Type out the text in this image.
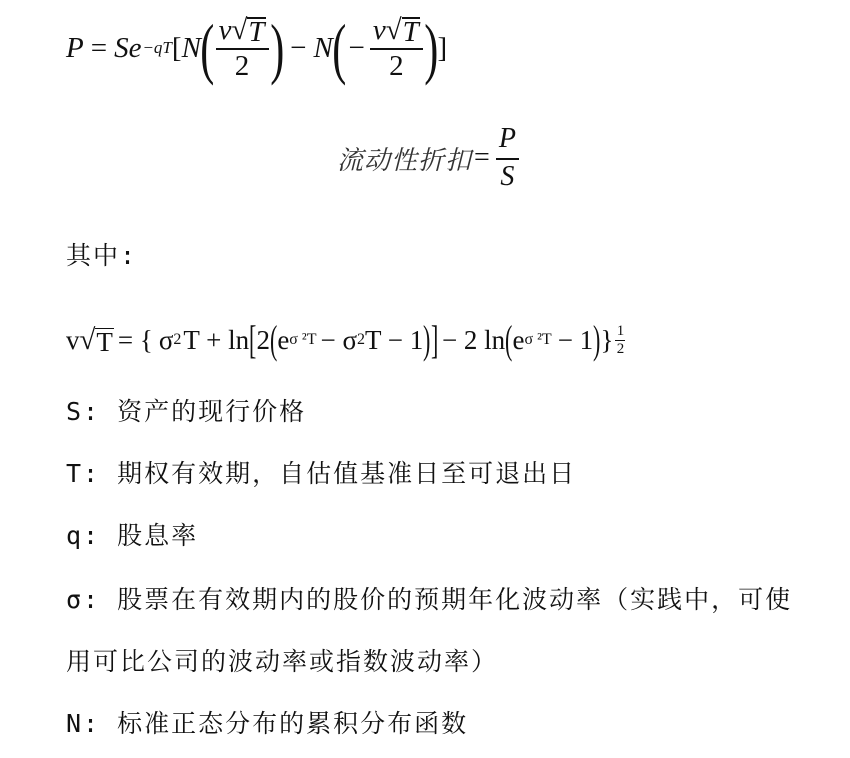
P = S e −qT [ N ( $\frac{v √ T}{2}$ ) − N ( − $\frac{v √ T}{2}$ ) ]
流动性折扣 = $\frac{P}{S}$
其中:
v √ T = { σ 2 T + ln [ 2 ( e σ ²T − σ 2 T − 1 ) ] − 2 ln ( e σ ²T − 1 ) } 1
2
S: 资产的现行价格
T: 期权有效期，自估值基准日至可退出日
q: 股息率
σ: 股票在有效期内的股价的预期年化波动率（实践中，可使
用可比公司的波动率或指数波动率）
N: 标准正态分布的累积分布函数
